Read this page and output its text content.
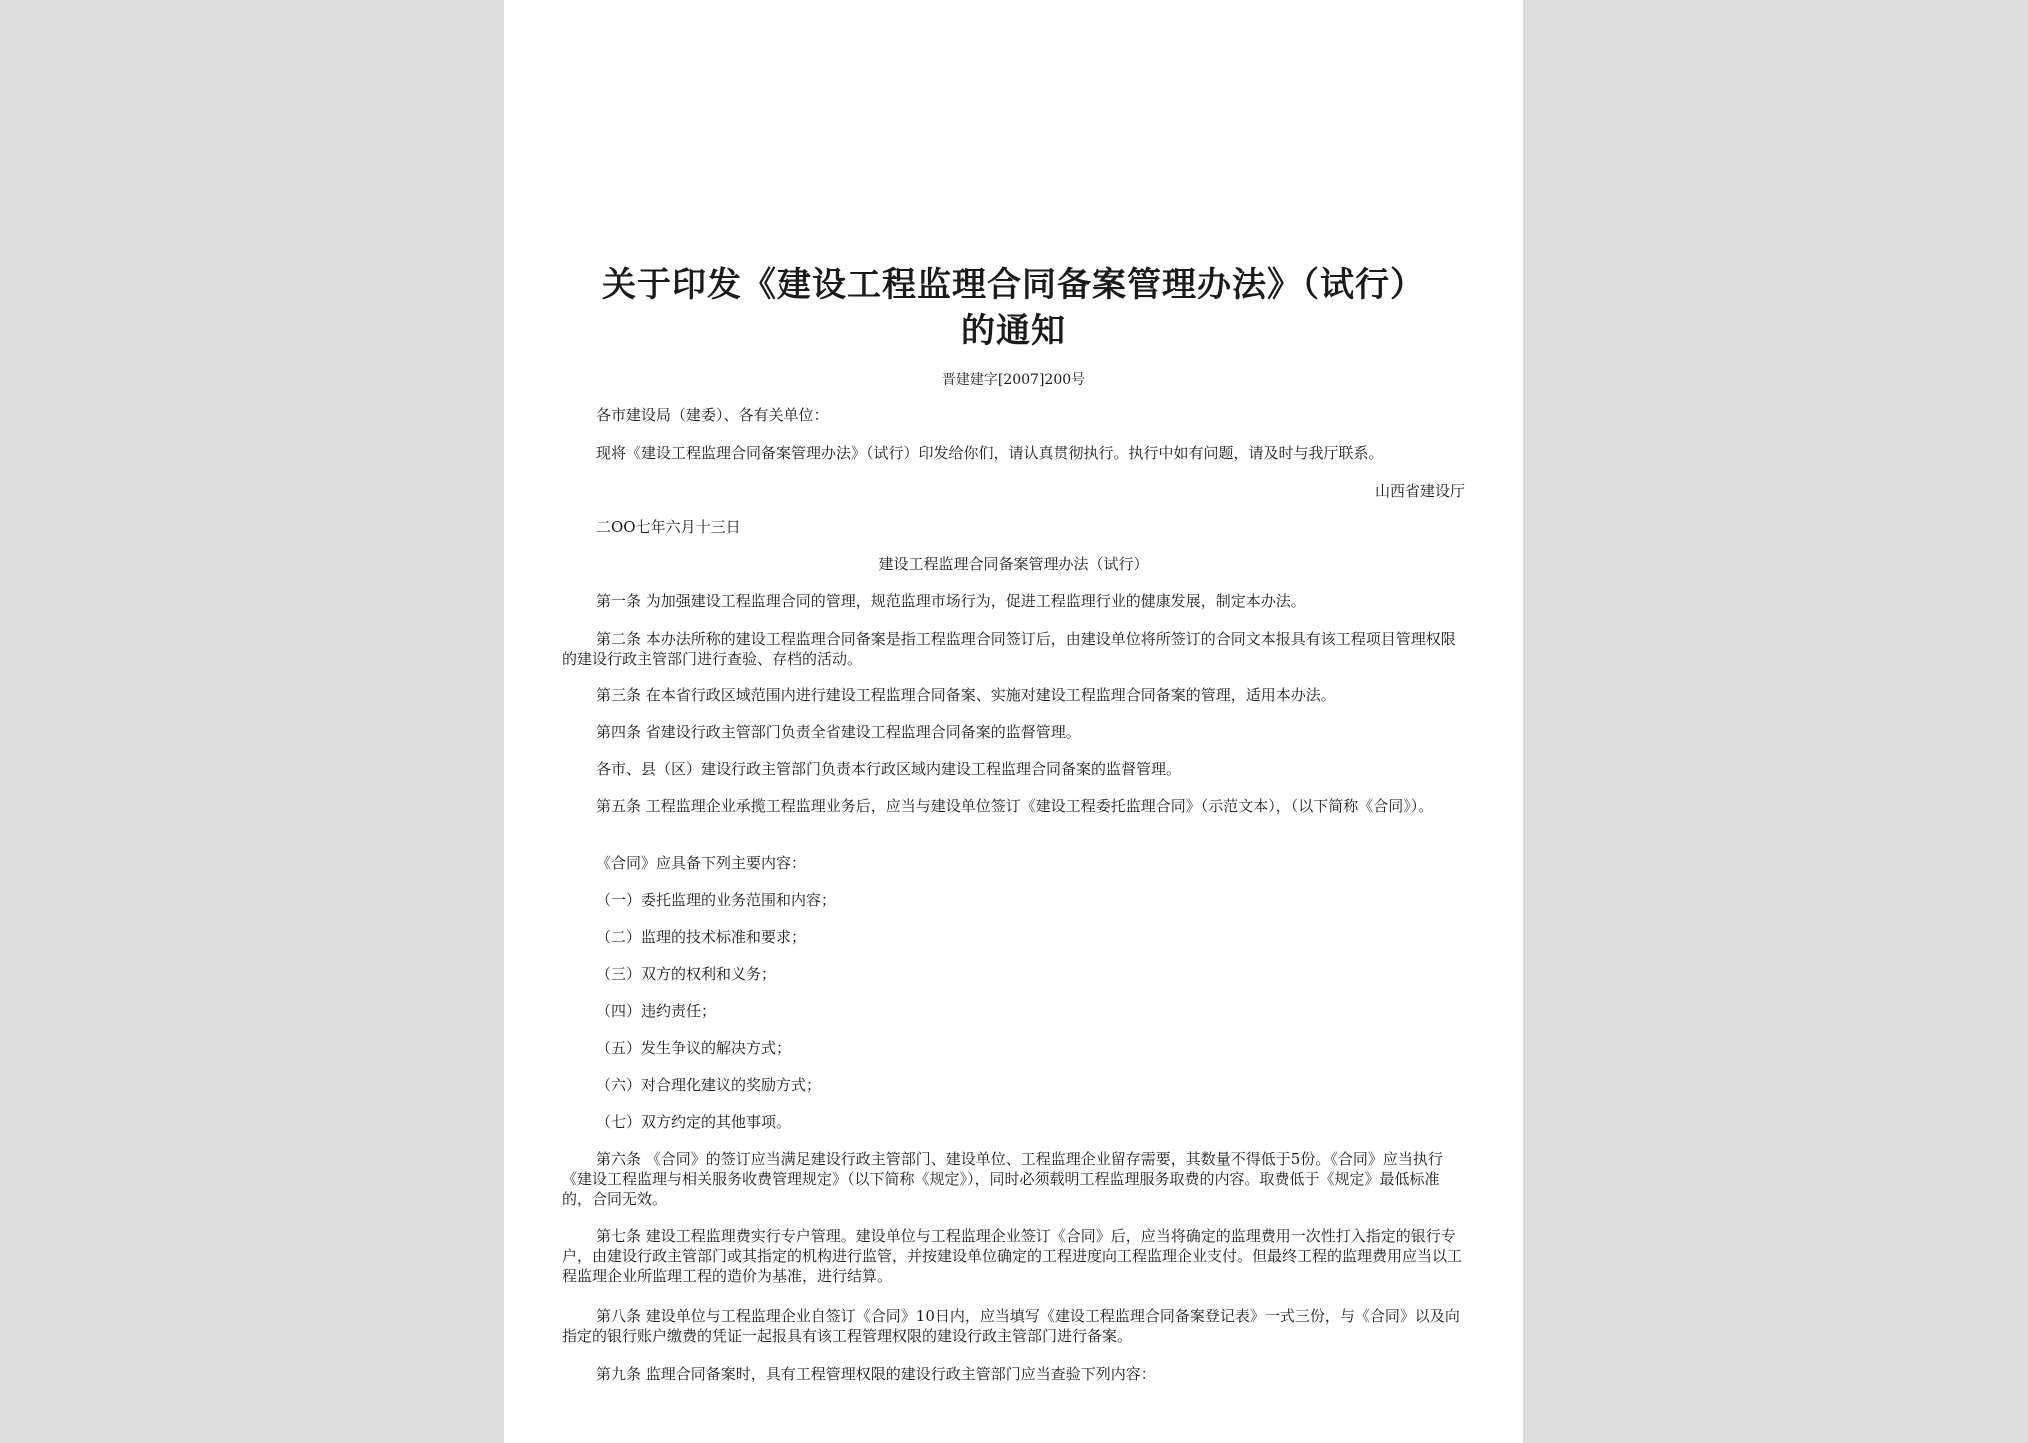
关于印发《建设工程监理合同备案管理办法》（试行）
的通知
晋建建字[2007]200号

各市建设局（建委）、各有关单位：

现将《建设工程监理合同备案管理办法》（试行）印发给你们，请认真贯彻执行。执行中如有问题，请及时与我厅联系。

山西省建设厅

二OO七年六月十三日

建设工程监理合同备案管理办法（试行）

第一条 为加强建设工程监理合同的管理，规范监理市场行为，促进工程监理行业的健康发展，制定本办法。

第二条 本办法所称的建设工程监理合同备案是指工程监理合同签订后，由建设单位将所签订的合同文本报具有该工程项目管理权限的建设行政主管部门进行查验、存档的活动。

第三条 在本省行政区域范围内进行建设工程监理合同备案、实施对建设工程监理合同备案的管理，适用本办法。

第四条 省建设行政主管部门负责全省建设工程监理合同备案的监督管理。

各市、县（区）建设行政主管部门负责本行政区域内建设工程监理合同备案的监督管理。

第五条 工程监理企业承揽工程监理业务后，应当与建设单位签订《建设工程委托监理合同》（示范文本），（以下简称《合同》）。

《合同》应具备下列主要内容：

（一）委托监理的业务范围和内容；

（二）监理的技术标准和要求；

（三）双方的权利和义务；

（四）违约责任；

（五）发生争议的解决方式；

（六）对合理化建议的奖励方式；

（七）双方约定的其他事项。

第六条 《合同》的签订应当满足建设行政主管部门、建设单位、工程监理企业留存需要，其数量不得低于5份。《合同》应当执行《建设工程监理与相关服务收费管理规定》（以下简称《规定》），同时必须载明工程监理服务取费的内容。取费低于《规定》最低标准的，合同无效。

第七条 建设工程监理费实行专户管理。建设单位与工程监理企业签订《合同》后，应当将确定的监理费用一次性打入指定的银行专户，由建设行政主管部门或其指定的机构进行监管，并按建设单位确定的工程进度向工程监理企业支付。但最终工程的监理费用应当以工程监理企业所监理工程的造价为基准，进行结算。

第八条 建设单位与工程监理企业自签订《合同》10日内，应当填写《建设工程监理合同备案登记表》一式三份，与《合同》以及向指定的银行账户缴费的凭证一起报具有该工程管理权限的建设行政主管部门进行备案。

第九条 监理合同备案时，具有工程管理权限的建设行政主管部门应当查验下列内容：
